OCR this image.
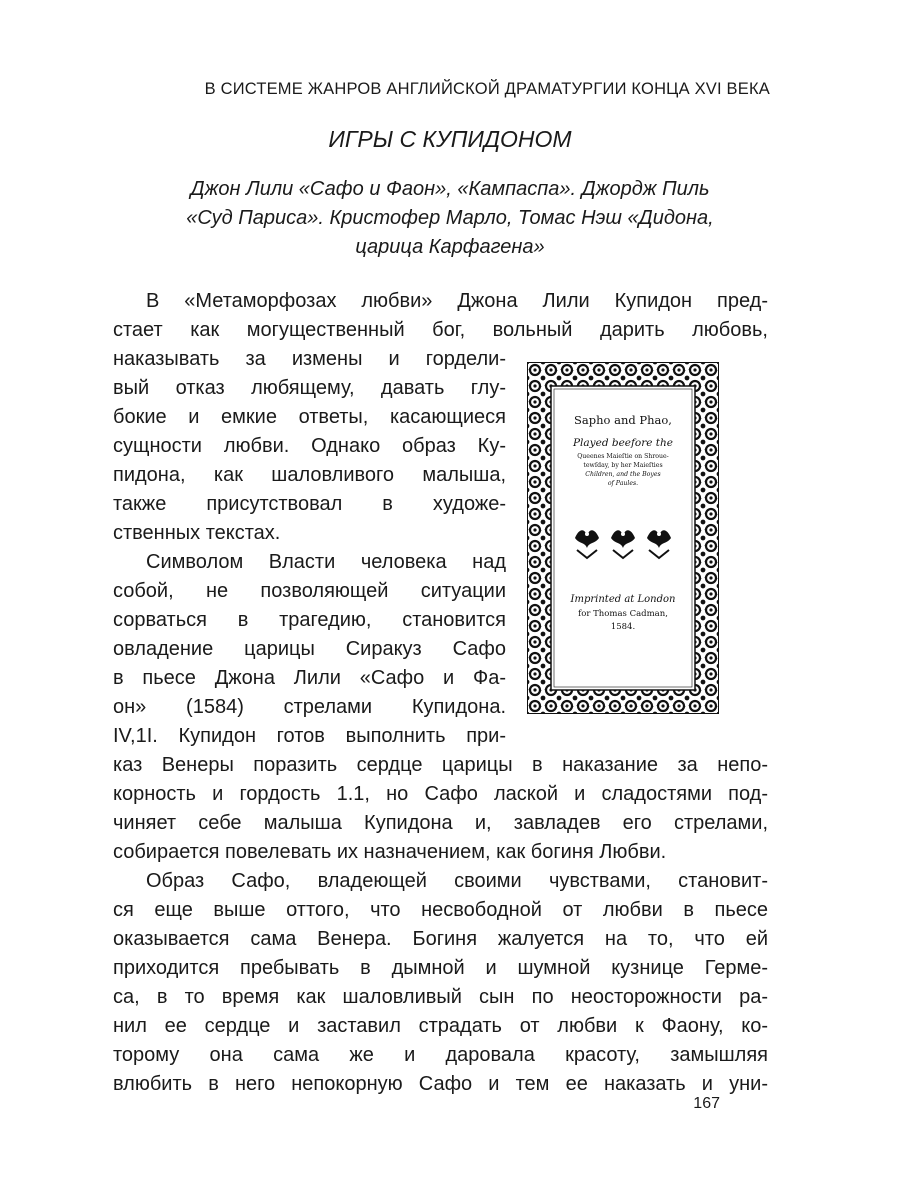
В СИСТЕМЕ ЖАНРОВ АНГЛИЙСКОЙ ДРАМАТУРГИИ КОНЦА XVI ВЕКА
ИГРЫ С КУПИДОНОМ
Джон Лили «Сафо и Фаон», «Кампаспа». Джордж Пиль
«Суд Париса». Кристофер Марло, Томас Нэш «Дидона,
царица Карфагена»
В «Метаморфозах любви» Джона Лили Купидон пред-
стает как могущественный бог, вольный дарить любовь,
наказывать за измены и гордели-
вый отказ любящему, давать глу-
бокие и емкие ответы, касающиеся
сущности любви. Однако образ Ку-
пидона, как шаловливого малыша,
также присутствовал в художе-
ственных текстах.
Символом Власти человека над
собой, не позволяющей ситуации
сорваться в трагедию, становится
овладение царицы Сиракуз Сафо
в пьесе Джона Лили «Сафо и Фа-
он» (1584) стрелами Купидона.
IV,1I. Купидон готов выполнить при-
каз Венеры поразить сердце царицы в наказание за непо-
корность и гордость 1.1, но Сафо лаской и сладостями под-
чиняет себе малыша Купидона и, завладев его стрелами,
собирается повелевать их назначением, как богиня Любви.
Образ Сафо, владеющей своими чувствами, становит-
ся еще выше оттого, что несвободной от любви в пьесе
оказывается сама Венера. Богиня жалуется на то, что ей
приходится пребывать в дымной и шумной кузнице Герме-
са, в то время как шаловливый сын по неосторожности ра-
нил ее сердце и заставил страдать от любви к Фаону, ко-
торому она сама же и даровала красоту, замышляя
влюбить в него непокорную Сафо и тем ее наказать и уни-
Sapho and Phao,
Played beefore the
Queenes Maieſtie on Shroue-
tewſday, by her Maieſties
Children, and the Boyes
of Paules.
Imprinted at London
for Thomas Cadman,
1584.
167
